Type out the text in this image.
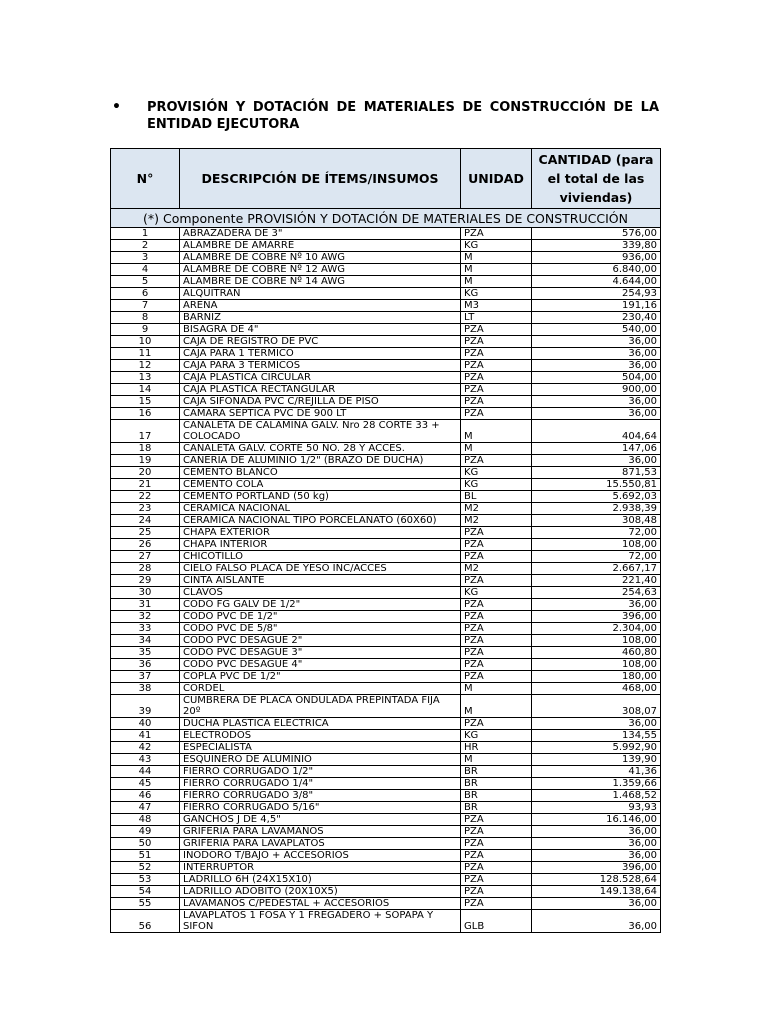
• PROVISIÓN Y DOTACIÓN DE MATERIALES DE CONSTRUCCIÓN DE LA ENTIDAD EJECUTORA
N°	DESCRIPCIÓN DE ÍTEMS/INSUMOS	UNIDAD	CANTIDAD (para el total de las viviendas)
(*) Componente PROVISIÓN Y DOTACIÓN DE MATERIALES DE CONSTRUCCIÓN			
1	ABRAZADERA DE 3"	PZA	576,00
2	ALAMBRE DE AMARRE	KG	339,80
3	ALAMBRE DE COBRE Nº 10 AWG	M	936,00
4	ALAMBRE DE COBRE Nº 12 AWG	M	6.840,00
5	ALAMBRE DE COBRE Nº 14 AWG	M	4.644,00
6	ALQUITRAN	KG	254,93
7	ARENA	M3	191,16
8	BARNIZ	LT	230,40
9	BISAGRA DE 4"	PZA	540,00
10	CAJA DE REGISTRO DE PVC	PZA	36,00
11	CAJA PARA 1 TERMICO	PZA	36,00
12	CAJA PARA 3 TERMICOS	PZA	36,00
13	CAJA PLASTICA CIRCULAR	PZA	504,00
14	CAJA PLASTICA RECTANGULAR	PZA	900,00
15	CAJA SIFONADA PVC C/REJILLA DE PISO	PZA	36,00
16	CAMARA SEPTICA PVC DE 900 LT	PZA	36,00
17	CANALETA DE CALAMINA GALV. Nro 28 CORTE 33 + COLOCADO	M	404,64
18	CANALETA GALV. CORTE 50 NO. 28 Y ACCES.	M	147,06
19	CAÑERIA DE ALUMINIO 1/2" (BRAZO DE DUCHA)	PZA	36,00
20	CEMENTO BLANCO	KG	871,53
21	CEMENTO COLA	KG	15.550,81
22	CEMENTO PORTLAND (50 kg)	BL	5.692,03
23	CERAMICA NACIONAL	M2	2.938,39
24	CERAMICA NACIONAL TIPO PORCELANATO (60X60)	M2	308,48
25	CHAPA EXTERIOR	PZA	72,00
26	CHAPA INTERIOR	PZA	108,00
27	CHICOTILLO	PZA	72,00
28	CIELO FALSO PLACA DE YESO INC/ACCES	M2	2.667,17
29	CINTA AISLANTE	PZA	221,40
30	CLAVOS	KG	254,63
31	CODO FG GALV DE 1/2"	PZA	36,00
32	CODO PVC DE 1/2"	PZA	396,00
33	CODO PVC DE 5/8"	PZA	2.304,00
34	CODO PVC DESAGUE 2"	PZA	108,00
35	CODO PVC DESAGUE 3"	PZA	460,80
36	CODO PVC DESAGUE 4"	PZA	108,00
37	COPLA PVC DE 1/2"	PZA	180,00
38	CORDEL	M	468,00
39	CUMBRERA DE PLACA ONDULADA PREPINTADA FIJA 20º	M	308,07
40	DUCHA PLASTICA ELECTRICA	PZA	36,00
41	ELECTRODOS	KG	134,55
42	ESPECIALISTA	HR	5.992,90
43	ESQUINERO DE ALUMINIO	M	139,90
44	FIERRO CORRUGADO 1/2"	BR	41,36
45	FIERRO CORRUGADO 1/4"	BR	1.359,66
46	FIERRO CORRUGADO 3/8"	BR	1.468,52
47	FIERRO CORRUGADO 5/16"	BR	93,93
48	GANCHOS J DE 4,5"	PZA	16.146,00
49	GRIFERIA PARA LAVAMANOS	PZA	36,00
50	GRIFERIA PARA LAVAPLATOS	PZA	36,00
51	INODORO T/BAJO + ACCESORIOS	PZA	36,00
52	INTERRUPTOR	PZA	396,00
53	LADRILLO 6H (24X15X10)	PZA	128.528,64
54	LADRILLO ADOBITO (20X10X5)	PZA	149.138,64
55	LAVAMANOS C/PEDESTAL + ACCESORIOS	PZA	36,00
56	LAVAPLATOS 1 FOSA Y 1 FREGADERO + SOPAPA Y SIFON	GLB	36,00
